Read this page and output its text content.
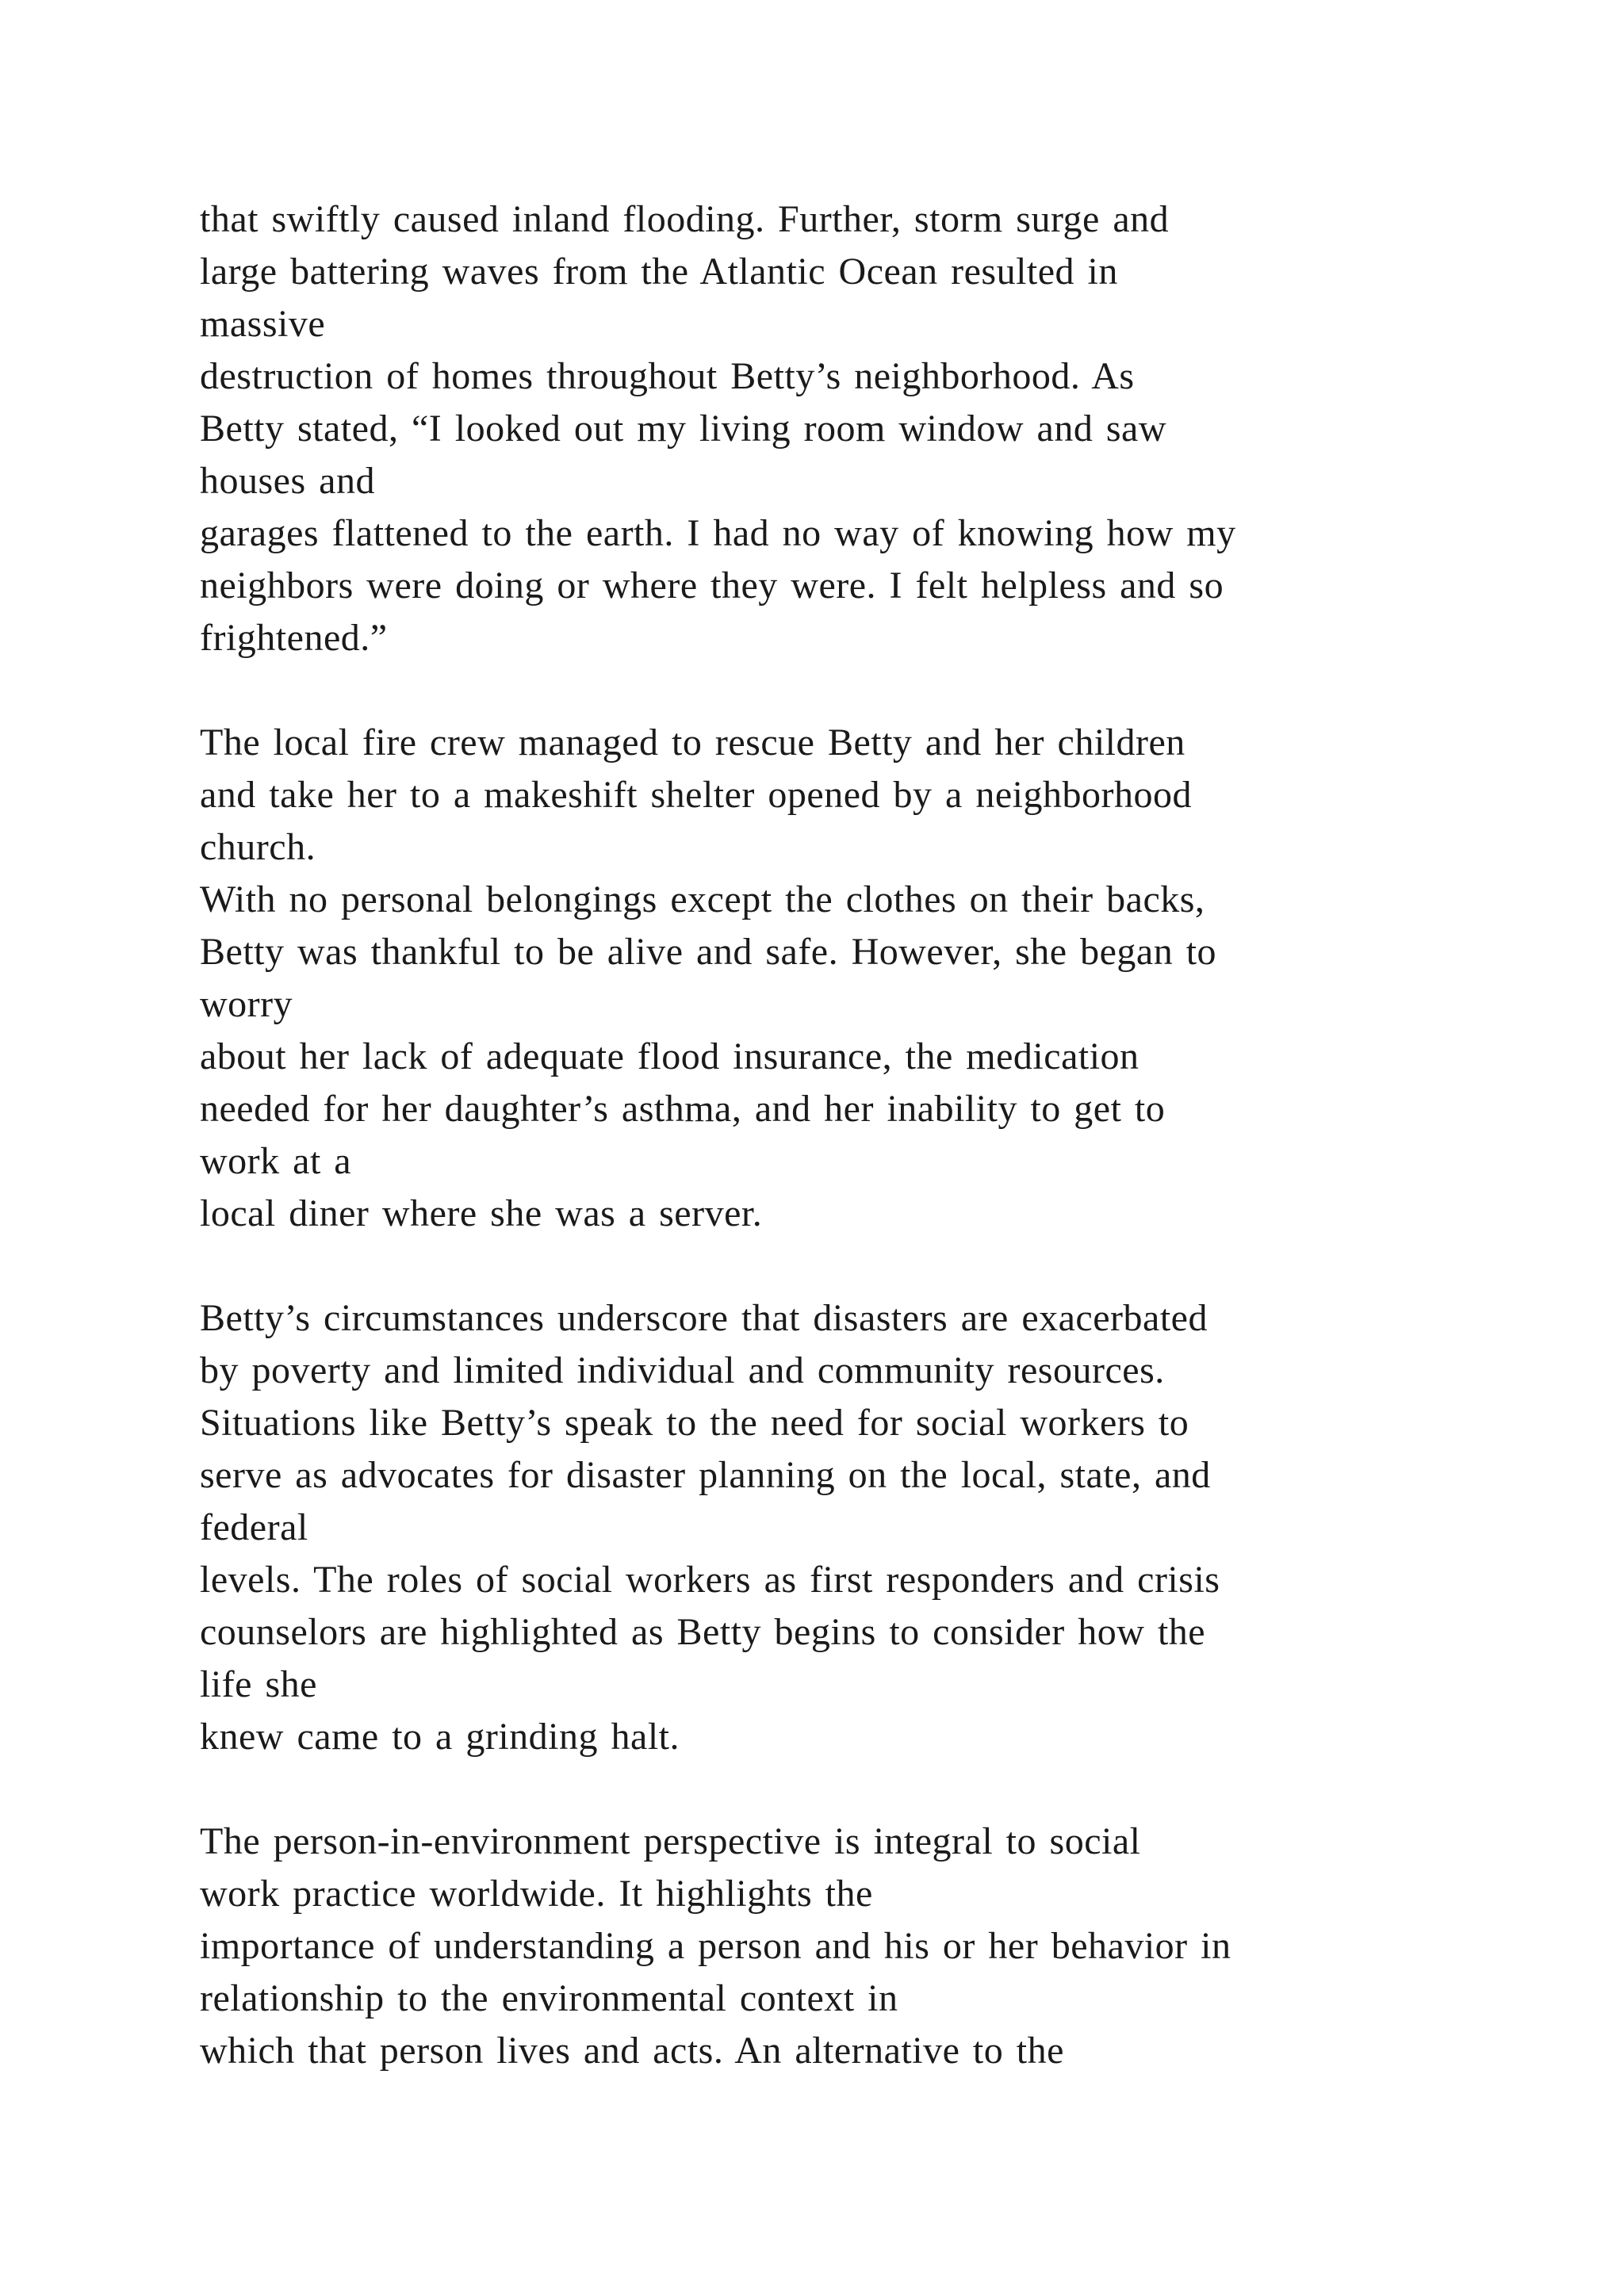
that swiftly caused inland flooding. Further, storm surge and
large battering waves from the Atlantic Ocean resulted in
massive
destruction of homes throughout Betty’s neighborhood. As
Betty stated, “I looked out my living room window and saw
houses and
garages flattened to the earth. I had no way of knowing how my
neighbors were doing or where they were. I felt helpless and so
frightened.”
The local fire crew managed to rescue Betty and her children
and take her to a makeshift shelter opened by a neighborhood
church.
With no personal belongings except the clothes on their backs,
Betty was thankful to be alive and safe. However, she began to
worry
about her lack of adequate flood insurance, the medication
needed for her daughter’s asthma, and her inability to get to
work at a
local diner where she was a server.
Betty’s circumstances underscore that disasters are exacerbated
by poverty and limited individual and community resources.
Situations like Betty’s speak to the need for social workers to
serve as advocates for disaster planning on the local, state, and
federal
levels. The roles of social workers as first responders and crisis
counselors are highlighted as Betty begins to consider how the
life she
knew came to a grinding halt.
The person-in-environment perspective is integral to social
work practice worldwide. It highlights the
importance of understanding a person and his or her behavior in
relationship to the environmental context in
which that person lives and acts. An alternative to the
